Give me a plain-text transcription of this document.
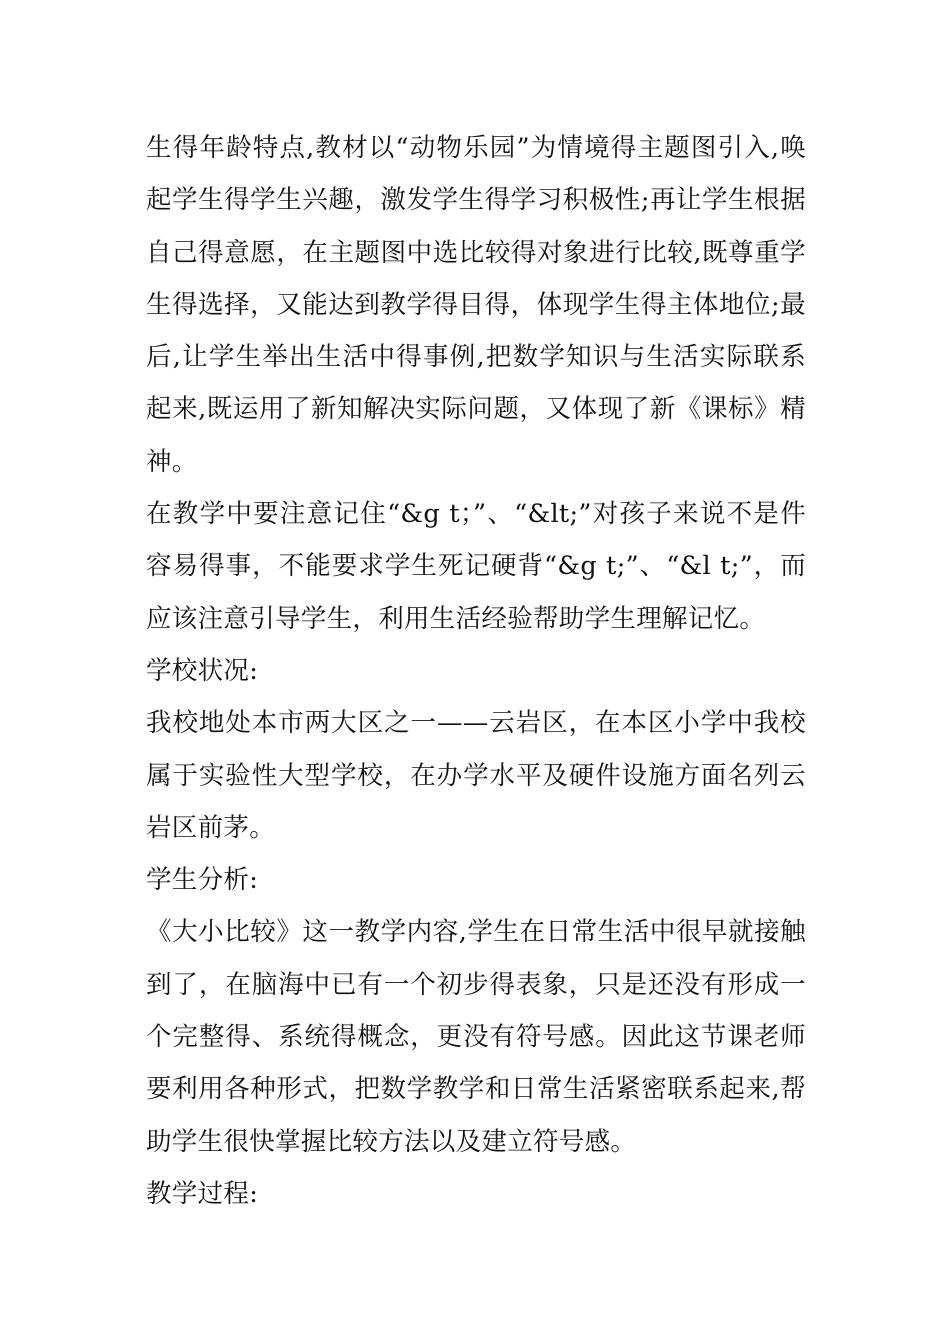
生得年龄特点,教材以“动物乐园”为情境得主题图引入,唤起学生得学生兴趣，激发学生得学习积极性;再让学生根据自己得意愿，在主题图中选比较得对象进行比较,既尊重学生得选择，又能达到教学得目得，体现学生得主体地位;最后,让学生举出生活中得事例,把数学知识与生活实际联系起来,既运用了新知解决实际问题，又体现了新《课标》精神。

在教学中要注意记住“&g t；”、“&lt;”对孩子来说不是件容易得事，不能要求学生死记硬背“&g t;”、“&l t;”，而应该注意引导学生，利用生活经验帮助学生理解记忆。

学校状况:

我校地处本市两大区之一——云岩区，在本区小学中我校属于实验性大型学校，在办学水平及硬件设施方面名列云岩区前茅。

学生分析:

《大小比较》这一教学内容,学生在日常生活中很早就接触到了，在脑海中已有一个初步得表象，只是还没有形成一个完整得、系统得概念，更没有符号感。因此这节课老师要利用各种形式，把数学教学和日常生活紧密联系起来,帮助学生很快掌握比较方法以及建立符号感。

教学过程:
